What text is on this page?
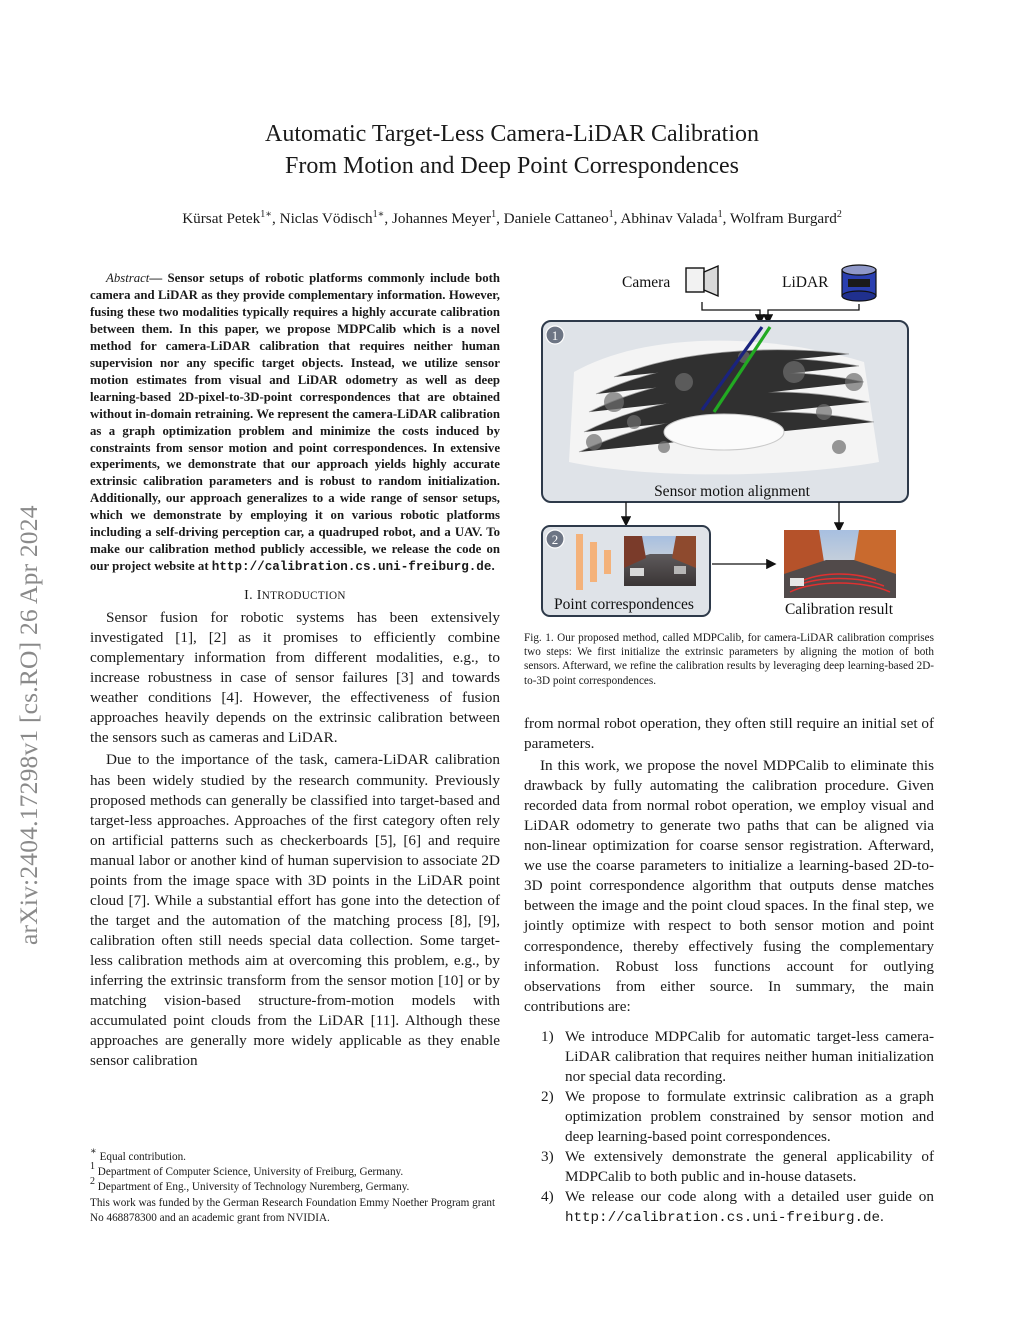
arXiv:2404.17298v1 [cs.RO] 26 Apr 2024
Automatic Target-Less Camera-LiDAR Calibration
From Motion and Deep Point Correspondences
Kürsat Petek$^{1∗}$, Niclas Vödisch$^{1∗}$, Johannes Meyer$^1$, Daniele Cattaneo$^1$, Abhinav Valada$^1$, Wolfram Burgard$^2$

Abstract— Sensor setups of robotic platforms commonly include both camera and LiDAR as they provide complementary information. However, fusing these two modalities typically requires a highly accurate calibration between them. In this paper, we propose MDPCalib which is a novel method for camera-LiDAR calibration that requires neither human supervision nor any specific target objects. Instead, we utilize sensor motion estimates from visual and LiDAR odometry as well as deep learning-based 2D-pixel-to-3D-point correspondences that are obtained without in-domain retraining. We represent the camera-LiDAR calibration as a graph optimization problem and minimize the costs induced by constraints from sensor motion and point correspondences. In extensive experiments, we demonstrate that our approach yields highly accurate extrinsic calibration parameters and is robust to random initialization. Additionally, our approach generalizes to a wide range of sensor setups, which we demonstrate by employing it on various robotic platforms including a self-driving perception car, a quadruped robot, and a UAV. To make our calibration method publicly accessible, we release the code on our project website at http://calibration.cs.uni-freiburg.de.

I. INTRODUCTION

Sensor fusion for robotic systems has been extensively investigated [1], [2] as it promises to efficiently combine complementary information from different modalities, e.g., to increase robustness in case of sensor failures [3] and towards weather conditions [4]. However, the effectiveness of fusion approaches heavily depends on the extrinsic calibration between the sensors such as cameras and LiDAR.

Due to the importance of the task, camera-LiDAR calibration has been widely studied by the research community. Previously proposed methods can generally be classified into target-based and target-less approaches. Approaches of the first category often rely on artificial patterns such as checkerboards [5], [6] and require manual labor or another kind of human supervision to associate 2D points from the image space with 3D points in the LiDAR point cloud [7]. While a substantial effort has gone into the detection of the target and the automation of the matching process [8], [9], calibration often still needs special data collection. Some target-less calibration methods aim at overcoming this problem, e.g., by inferring the extrinsic transform from the sensor motion [10] or by matching vision-based structure-from-motion models with accumulated point clouds from the LiDAR [11]. Although these approaches are generally more widely applicable as they enable sensor calibration

∗ Equal contribution.

$^1$ Department of Computer Science, University of Freiburg, Germany.

$^2$ Department of Eng., University of Technology Nuremberg, Germany.

This work was funded by the German Research Foundation Emmy Noether Program grant No 468878300 and an academic grant from NVIDIA.

Camera	LiDAR
1
Sensor motion alignment
2
Point correspondences	Calibration result
Fig. 1. Our proposed method, called MDPCalib, for camera-LiDAR calibration comprises two steps: We first initialize the extrinsic parameters by aligning the motion of both sensors. Afterward, we refine the calibration results by leveraging deep learning-based 2D-to-3D point correspondences.

from normal robot operation, they often still require an initial set of parameters.

In this work, we propose the novel MDPCalib to eliminate this drawback by fully automating the calibration procedure. Given recorded data from normal robot operation, we employ visual and LiDAR odometry to generate two paths that can be aligned via non-linear optimization for coarse sensor registration. Afterward, we use the coarse parameters to initialize a learning-based 2D-to-3D point correspondence algorithm that outputs dense matches between the image and the point cloud spaces. In the final step, we jointly optimize with respect to both sensor motion and point correspondence, thereby effectively fusing the complementary information. Robust loss functions account for outlying observations from either source. In summary, the main contributions are:

1) We introduce MDPCalib for automatic target-less camera-LiDAR calibration that requires neither human initialization nor special data recording.
2) We propose to formulate extrinsic calibration as a graph optimization problem constrained by sensor motion and deep learning-based point correspondences.
3) We extensively demonstrate the general applicability of MDPCalib to both public and in-house datasets.
4) We release our code along with a detailed user guide on http://calibration.cs.uni-freiburg.de.
